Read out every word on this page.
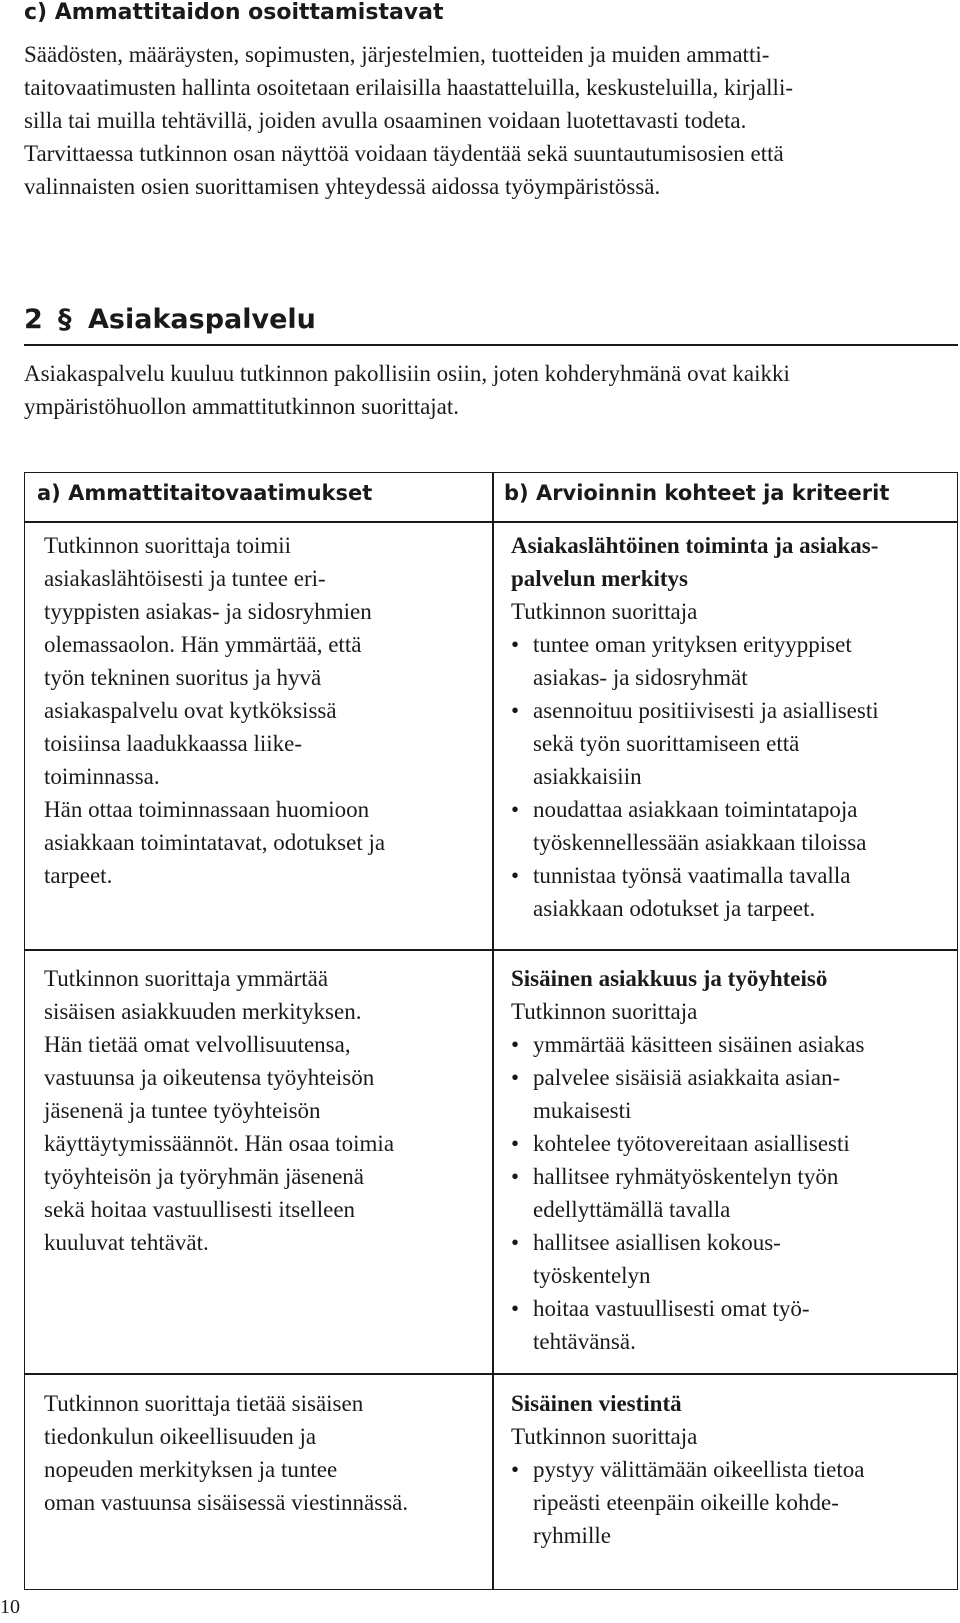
c) Ammattitaidon osoittamistavat
Säädösten, määräysten, sopimusten, järjestelmien, tuotteiden ja muiden ammatti-
taitovaatimusten hallinta osoitetaan erilaisilla haastatteluilla, keskusteluilla, kirjalli-
silla tai muilla tehtävillä, joiden avulla osaaminen voidaan luotettavasti todeta.
Tarvittaessa tutkinnon osan näyttöä voidaan täydentää sekä suuntautumisosien että
valinnaisten osien suorittamisen yhteydessä aidossa työympäristössä.
2 § Asiakaspalvelu
Asiakaspalvelu kuuluu tutkinnon pakollisiin osiin, joten kohderyhmänä ovat kaikki
ympäristöhuollon ammattitutkinnon suorittajat.
a) Ammattitaitovaatimukset	b) Arvioinnin kohteet ja kriteerit
Tutkinnon suorittaja toimii
asiakaslähtöisesti ja tuntee eri-
tyyppisten asiakas- ja sidosryhmien
olemassaolon. Hän ymmärtää, että
työn tekninen suoritus ja hyvä
asiakaspalvelu ovat kytköksissä
toisiinsa laadukkaassa liike-
toiminnassa.
Hän ottaa toiminnassaan huomioon
asiakkaan toimintatavat, odotukset ja
tarpeet.
Asiakaslähtöinen toiminta ja asiakas-
palvelun merkitys
Tutkinnon suorittaja
• tuntee oman yrityksen erityyppiset
asiakas- ja sidosryhmät
• asennoituu positiivisesti ja asiallisesti
sekä työn suorittamiseen että
asiakkaisiin
• noudattaa asiakkaan toimintatapoja
työskennellessään asiakkaan tiloissa
• tunnistaa työnsä vaatimalla tavalla
asiakkaan odotukset ja tarpeet.
Tutkinnon suorittaja ymmärtää
sisäisen asiakkuuden merkityksen.
Hän tietää omat velvollisuutensa,
vastuunsa ja oikeutensa työyhteisön
jäsenenä ja tuntee työyhteisön
käyttäytymissäännöt. Hän osaa toimia
työyhteisön ja työryhmän jäsenenä
sekä hoitaa vastuullisesti itselleen
kuuluvat tehtävät.
Sisäinen asiakkuus ja työyhteisö
Tutkinnon suorittaja
• ymmärtää käsitteen sisäinen asiakas
• palvelee sisäisiä asiakkaita asian-
mukaisesti
• kohtelee työtovereitaan asiallisesti
• hallitsee ryhmätyöskentelyn työn
edellyttämällä tavalla
• hallitsee asiallisen kokous-
työskentelyn
• hoitaa vastuullisesti omat työ-
tehtävänsä.
Tutkinnon suorittaja tietää sisäisen
tiedonkulun oikeellisuuden ja
nopeuden merkityksen ja tuntee
oman vastuunsa sisäisessä viestinnässä.
Sisäinen viestintä
Tutkinnon suorittaja
• pystyy välittämään oikeellista tietoa
ripeästi eteenpäin oikeille kohde-
ryhmille
10
